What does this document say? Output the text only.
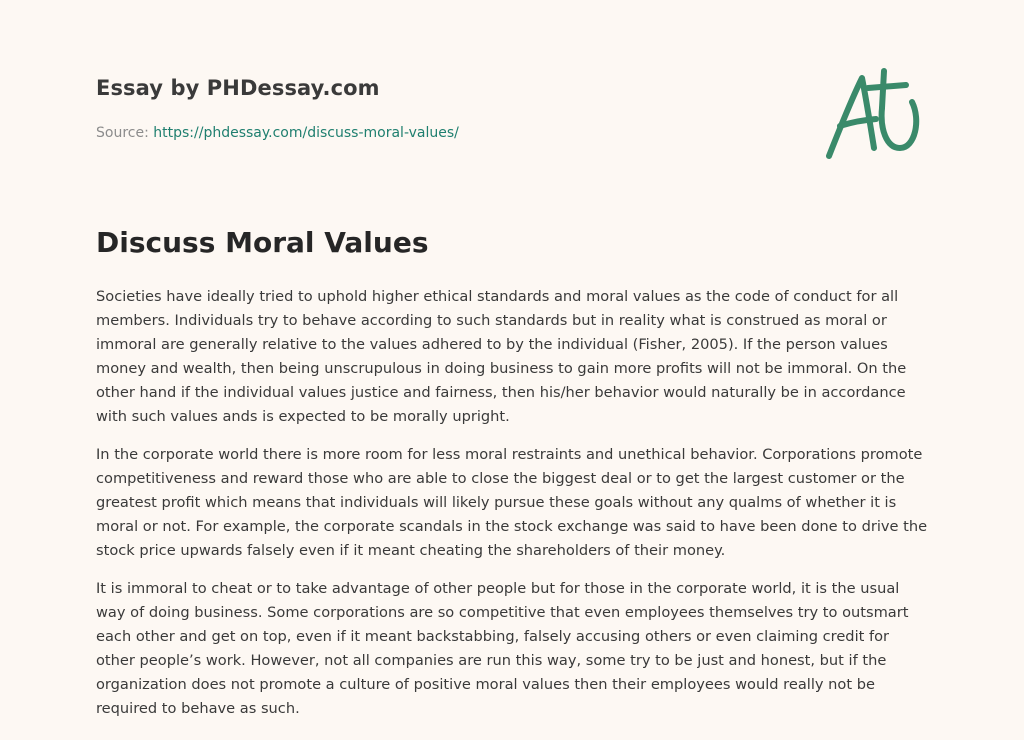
Essay by PHDessay.com
Source: https://phdessay.com/discuss-moral-values/
Discuss Moral Values

Societies have ideally tried to uphold higher ethical standards and moral values as the code of conduct for all members. Individuals try to behave according to such standards but in reality what is construed as moral or immoral are generally relative to the values adhered to by the individual (Fisher, 2005). If the person values money and wealth, then being unscrupulous in doing business to gain more profits will not be immoral. On the other hand if the individual values justice and fairness, then his/her behavior would naturally be in accordance with such values ands is expected to be morally upright.

In the corporate world there is more room for less moral restraints and unethical behavior. Corporations promote competitiveness and reward those who are able to close the biggest deal or to get the largest customer or the greatest profit which means that individuals will likely pursue these goals without any qualms of whether it is moral or not. For example, the corporate scandals in the stock exchange was said to have been done to drive the stock price upwards falsely even if it meant cheating the shareholders of their money.

It is immoral to cheat or to take advantage of other people but for those in the corporate world, it is the usual way of doing business. Some corporations are so competitive that even employees themselves try to outsmart each other and get on top, even if it meant backstabbing, falsely accusing others or even claiming credit for other people’s work. However, not all companies are run this way, some try to be just and honest, but if the organization does not promote a culture of positive moral values then their employees would really not be required to behave as such.
